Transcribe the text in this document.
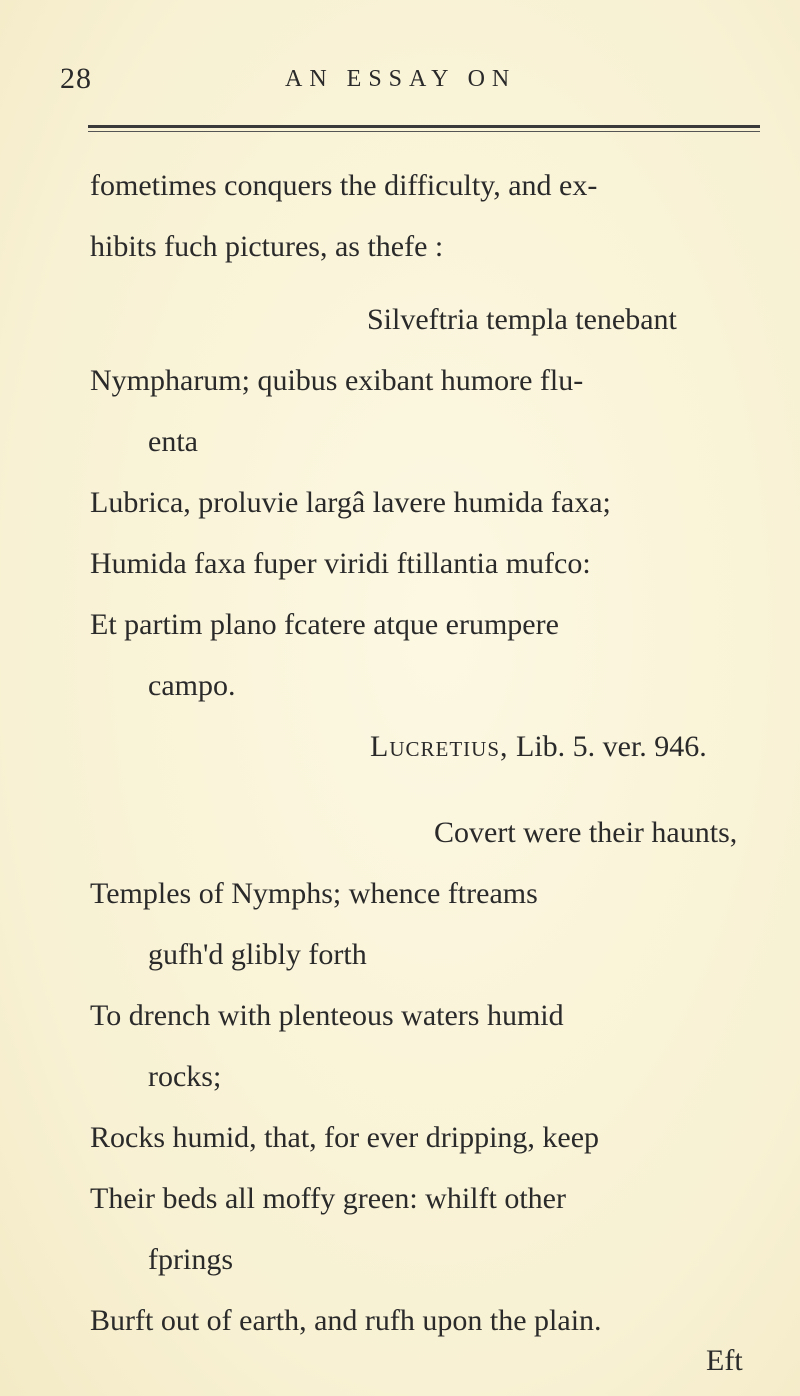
28	AN ESSAY ON
fometimes conquers the difficulty, and ex-
hibits fuch pictures, as thefe :
Silveftria templa tenebant
Nympharum; quibus exibant humore flu-
enta
Lubrica, proluvie largâ lavere humida faxa;
Humida faxa fuper viridi ftillantia mufco:
Et partim plano fcatere atque erumpere
campo.
Lucretius, Lib. 5. ver. 946.
Covert were their haunts,
Temples of Nymphs; whence ftreams
gufh'd glibly forth
To drench with plenteous waters humid
rocks;
Rocks humid, that, for ever dripping, keep
Their beds all moffy green: whilft other
fprings
Burft out of earth, and rufh upon the plain.
Eft
